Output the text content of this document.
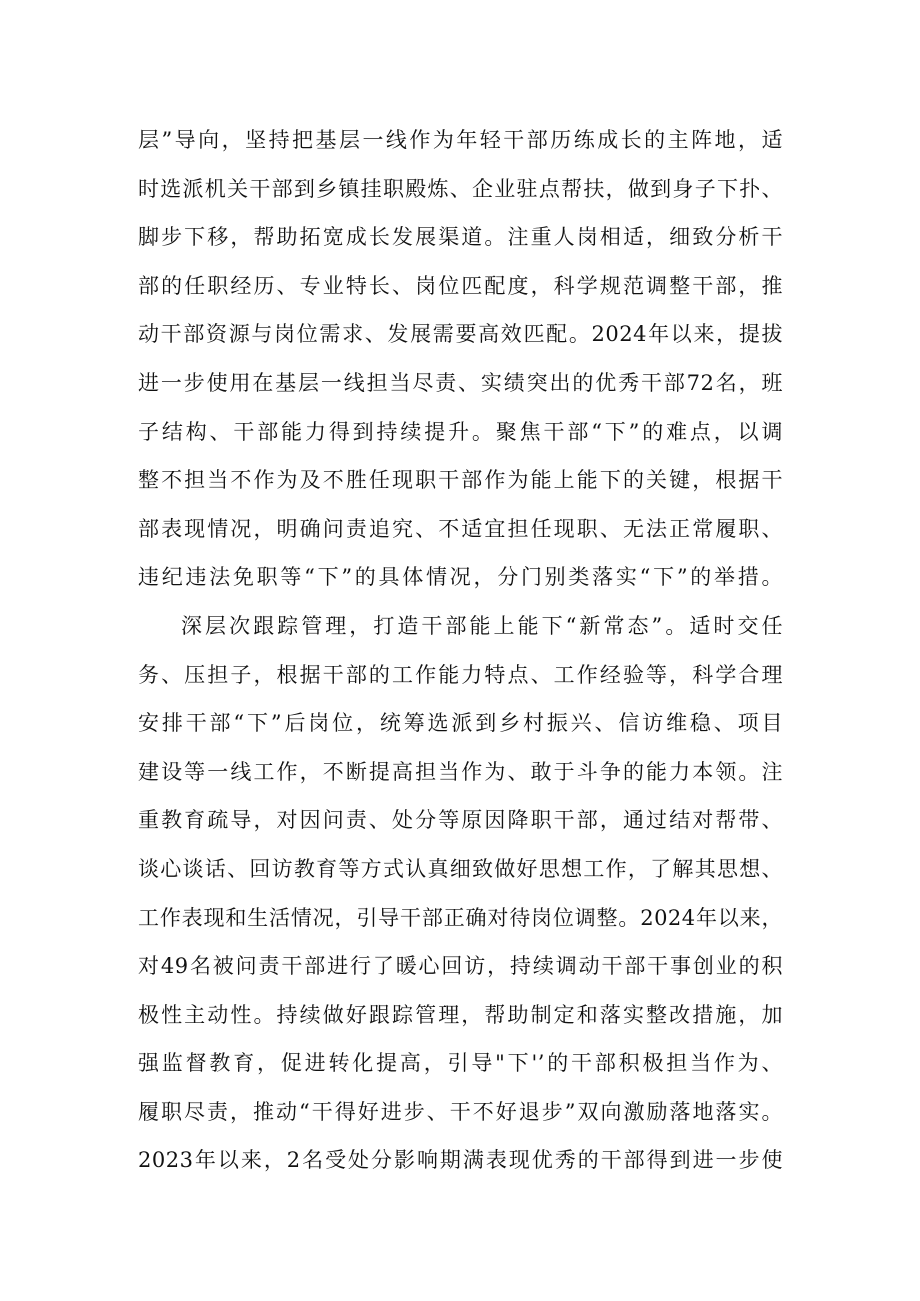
层”导向，坚持把基层一线作为年轻干部历练成长的主阵地，适
时选派机关干部到乡镇挂职殿炼、企业驻点帮扶，做到身子下扑、
脚步下移，帮助拓宽成长发展渠道。注重人岗相适，细致分析干
部的任职经历、专业特长、岗位匹配度，科学规范调整干部，推
动干部资源与岗位需求、发展需要高效匹配。2024年以来，提拔
进一步使用在基层一线担当尽责、实绩突出的优秀干部72名，班
子结构、干部能力得到持续提升。聚焦干部“下”的难点，以调
整不担当不作为及不胜任现职干部作为能上能下的关键，根据干
部表现情况，明确问责追究、不适宜担任现职、无法正常履职、
违纪违法免职等“下”的具体情况，分门别类落实“下”的举措。
深层次跟踪管理，打造干部能上能下“新常态”。适时交任
务、压担子，根据干部的工作能力特点、工作经验等，科学合理
安排干部“下”后岗位，统筹选派到乡村振兴、信访维稳、项目
建设等一线工作，不断提高担当作为、敢于斗争的能力本领。注
重教育疏导，对因问责、处分等原因降职干部，通过结对帮带、
谈心谈话、回访教育等方式认真细致做好思想工作，了解其思想、
工作表现和生活情况，引导干部正确对待岗位调整。2024年以来，
对49名被问责干部进行了暖心回访，持续调动干部干事创业的积
极性主动性。持续做好跟踪管理，帮助制定和落实整改措施，加
强监督教育，促进转化提高，引导"下'’的干部积极担当作为、
履职尽责，推动“干得好进步、干不好退步”双向激励落地落实。
2023年以来，2名受处分影响期满表现优秀的干部得到进一步使
